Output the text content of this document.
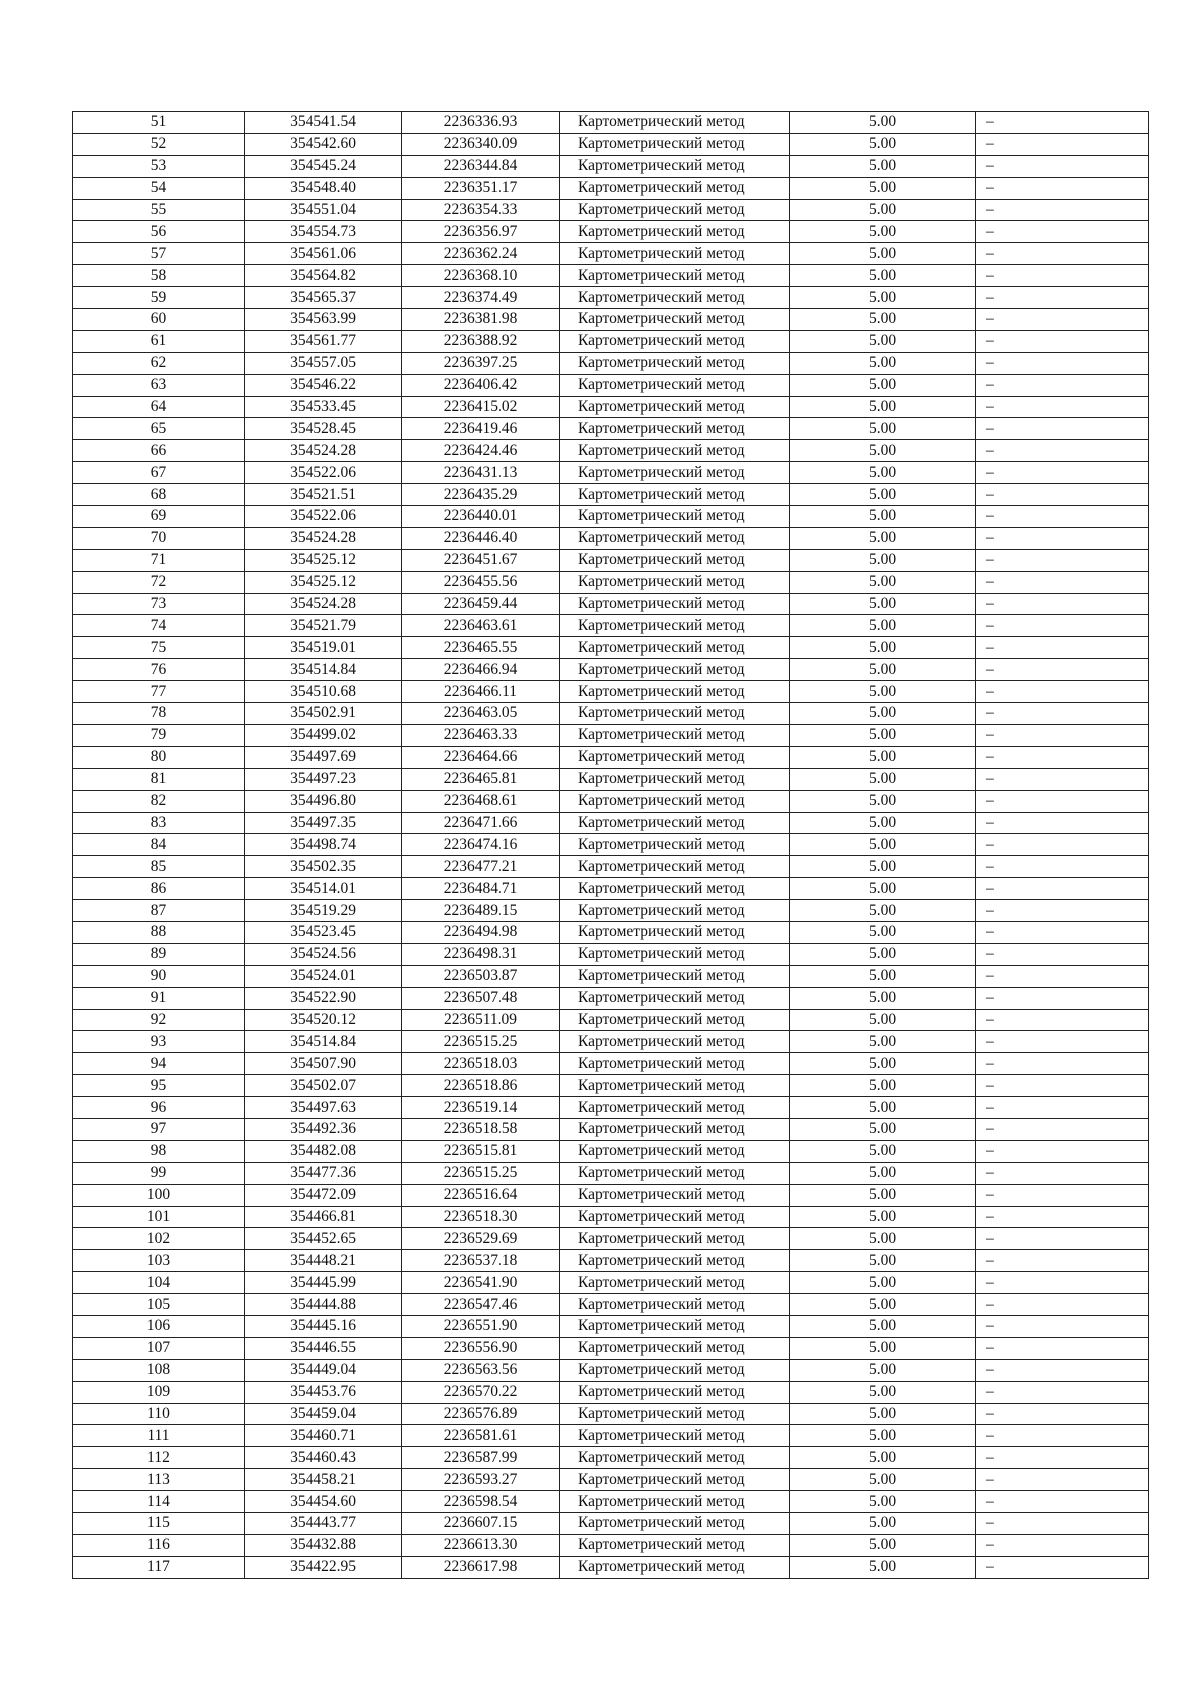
51	354541.54	2236336.93	Картометрический метод	5.00	–
52	354542.60	2236340.09	Картометрический метод	5.00	–
53	354545.24	2236344.84	Картометрический метод	5.00	–
54	354548.40	2236351.17	Картометрический метод	5.00	–
55	354551.04	2236354.33	Картометрический метод	5.00	–
56	354554.73	2236356.97	Картометрический метод	5.00	–
57	354561.06	2236362.24	Картометрический метод	5.00	–
58	354564.82	2236368.10	Картометрический метод	5.00	–
59	354565.37	2236374.49	Картометрический метод	5.00	–
60	354563.99	2236381.98	Картометрический метод	5.00	–
61	354561.77	2236388.92	Картометрический метод	5.00	–
62	354557.05	2236397.25	Картометрический метод	5.00	–
63	354546.22	2236406.42	Картометрический метод	5.00	–
64	354533.45	2236415.02	Картометрический метод	5.00	–
65	354528.45	2236419.46	Картометрический метод	5.00	–
66	354524.28	2236424.46	Картометрический метод	5.00	–
67	354522.06	2236431.13	Картометрический метод	5.00	–
68	354521.51	2236435.29	Картометрический метод	5.00	–
69	354522.06	2236440.01	Картометрический метод	5.00	–
70	354524.28	2236446.40	Картометрический метод	5.00	–
71	354525.12	2236451.67	Картометрический метод	5.00	–
72	354525.12	2236455.56	Картометрический метод	5.00	–
73	354524.28	2236459.44	Картометрический метод	5.00	–
74	354521.79	2236463.61	Картометрический метод	5.00	–
75	354519.01	2236465.55	Картометрический метод	5.00	–
76	354514.84	2236466.94	Картометрический метод	5.00	–
77	354510.68	2236466.11	Картометрический метод	5.00	–
78	354502.91	2236463.05	Картометрический метод	5.00	–
79	354499.02	2236463.33	Картометрический метод	5.00	–
80	354497.69	2236464.66	Картометрический метод	5.00	–
81	354497.23	2236465.81	Картометрический метод	5.00	–
82	354496.80	2236468.61	Картометрический метод	5.00	–
83	354497.35	2236471.66	Картометрический метод	5.00	–
84	354498.74	2236474.16	Картометрический метод	5.00	–
85	354502.35	2236477.21	Картометрический метод	5.00	–
86	354514.01	2236484.71	Картометрический метод	5.00	–
87	354519.29	2236489.15	Картометрический метод	5.00	–
88	354523.45	2236494.98	Картометрический метод	5.00	–
89	354524.56	2236498.31	Картометрический метод	5.00	–
90	354524.01	2236503.87	Картометрический метод	5.00	–
91	354522.90	2236507.48	Картометрический метод	5.00	–
92	354520.12	2236511.09	Картометрический метод	5.00	–
93	354514.84	2236515.25	Картометрический метод	5.00	–
94	354507.90	2236518.03	Картометрический метод	5.00	–
95	354502.07	2236518.86	Картометрический метод	5.00	–
96	354497.63	2236519.14	Картометрический метод	5.00	–
97	354492.36	2236518.58	Картометрический метод	5.00	–
98	354482.08	2236515.81	Картометрический метод	5.00	–
99	354477.36	2236515.25	Картометрический метод	5.00	–
100	354472.09	2236516.64	Картометрический метод	5.00	–
101	354466.81	2236518.30	Картометрический метод	5.00	–
102	354452.65	2236529.69	Картометрический метод	5.00	–
103	354448.21	2236537.18	Картометрический метод	5.00	–
104	354445.99	2236541.90	Картометрический метод	5.00	–
105	354444.88	2236547.46	Картометрический метод	5.00	–
106	354445.16	2236551.90	Картометрический метод	5.00	–
107	354446.55	2236556.90	Картометрический метод	5.00	–
108	354449.04	2236563.56	Картометрический метод	5.00	–
109	354453.76	2236570.22	Картометрический метод	5.00	–
110	354459.04	2236576.89	Картометрический метод	5.00	–
111	354460.71	2236581.61	Картометрический метод	5.00	–
112	354460.43	2236587.99	Картометрический метод	5.00	–
113	354458.21	2236593.27	Картометрический метод	5.00	–
114	354454.60	2236598.54	Картометрический метод	5.00	–
115	354443.77	2236607.15	Картометрический метод	5.00	–
116	354432.88	2236613.30	Картометрический метод	5.00	–
117	354422.95	2236617.98	Картометрический метод	5.00	–
